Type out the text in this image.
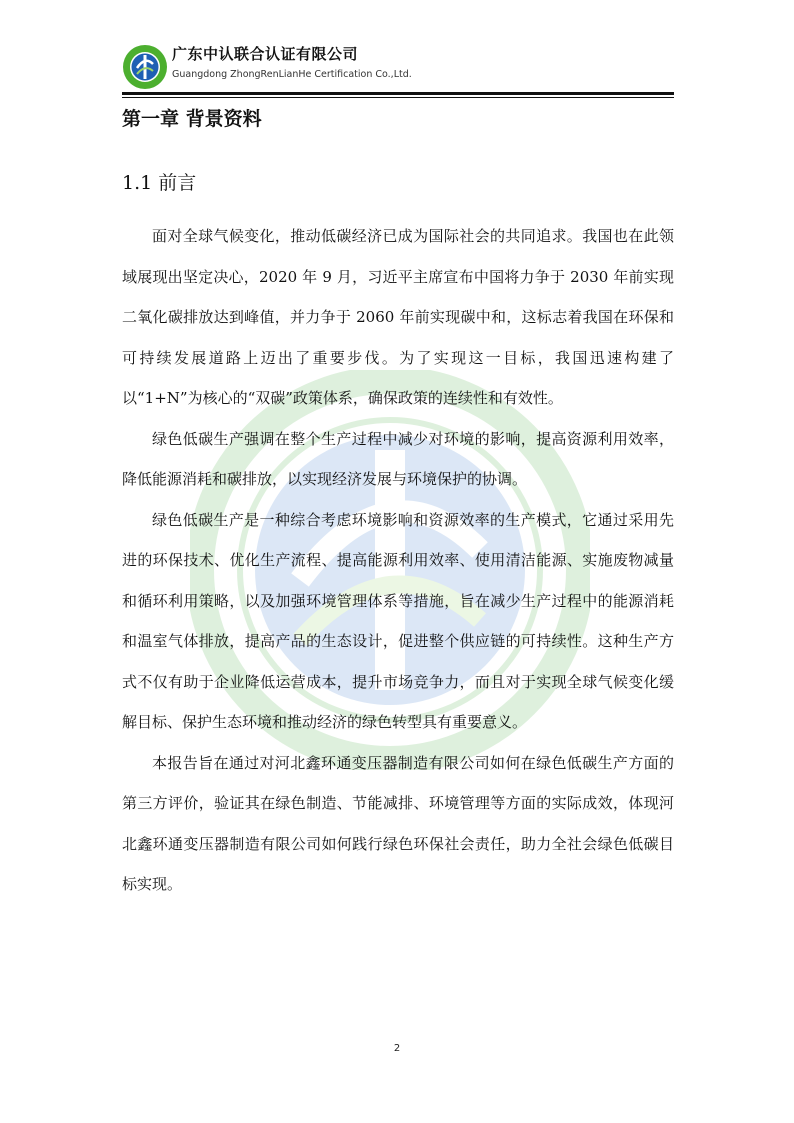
广东中认联合认证有限公司
Guangdong ZhongRenLianHe Certification Co.,Ltd.
第一章 背景资料
1.1 前言

面对全球气候变化，推动低碳经济已成为国际社会的共同追求。我国也在此领域展现出坚定决心，2020 年 9 月，习近平主席宣布中国将力争于 2030 年前实现二氧化碳排放达到峰值，并力争于 2060 年前实现碳中和，这标志着我国在环保和可持续发展道路上迈出了重要步伐。为了实现这一目标，我国迅速构建了以“1+N”为核心的“双碳”政策体系，确保政策的连续性和有效性。

绿色低碳生产强调在整个生产过程中减少对环境的影响，提高资源利用效率，降低能源消耗和碳排放，以实现经济发展与环境保护的协调。

绿色低碳生产是一种综合考虑环境影响和资源效率的生产模式，它通过采用先进的环保技术、优化生产流程、提高能源利用效率、使用清洁能源、实施废物减量和循环利用策略，以及加强环境管理体系等措施，旨在减少生产过程中的能源消耗和温室气体排放，提高产品的生态设计，促进整个供应链的可持续性。这种生产方式不仅有助于企业降低运营成本，提升市场竞争力，而且对于实现全球气候变化缓解目标、保护生态环境和推动经济的绿色转型具有重要意义。

本报告旨在通过对河北鑫环通变压器制造有限公司如何在绿色低碳生产方面的第三方评价，验证其在绿色制造、节能减排、环境管理等方面的实际成效，体现河北鑫环通变压器制造有限公司如何践行绿色环保社会责任，助力全社会绿色低碳目标实现。

2
